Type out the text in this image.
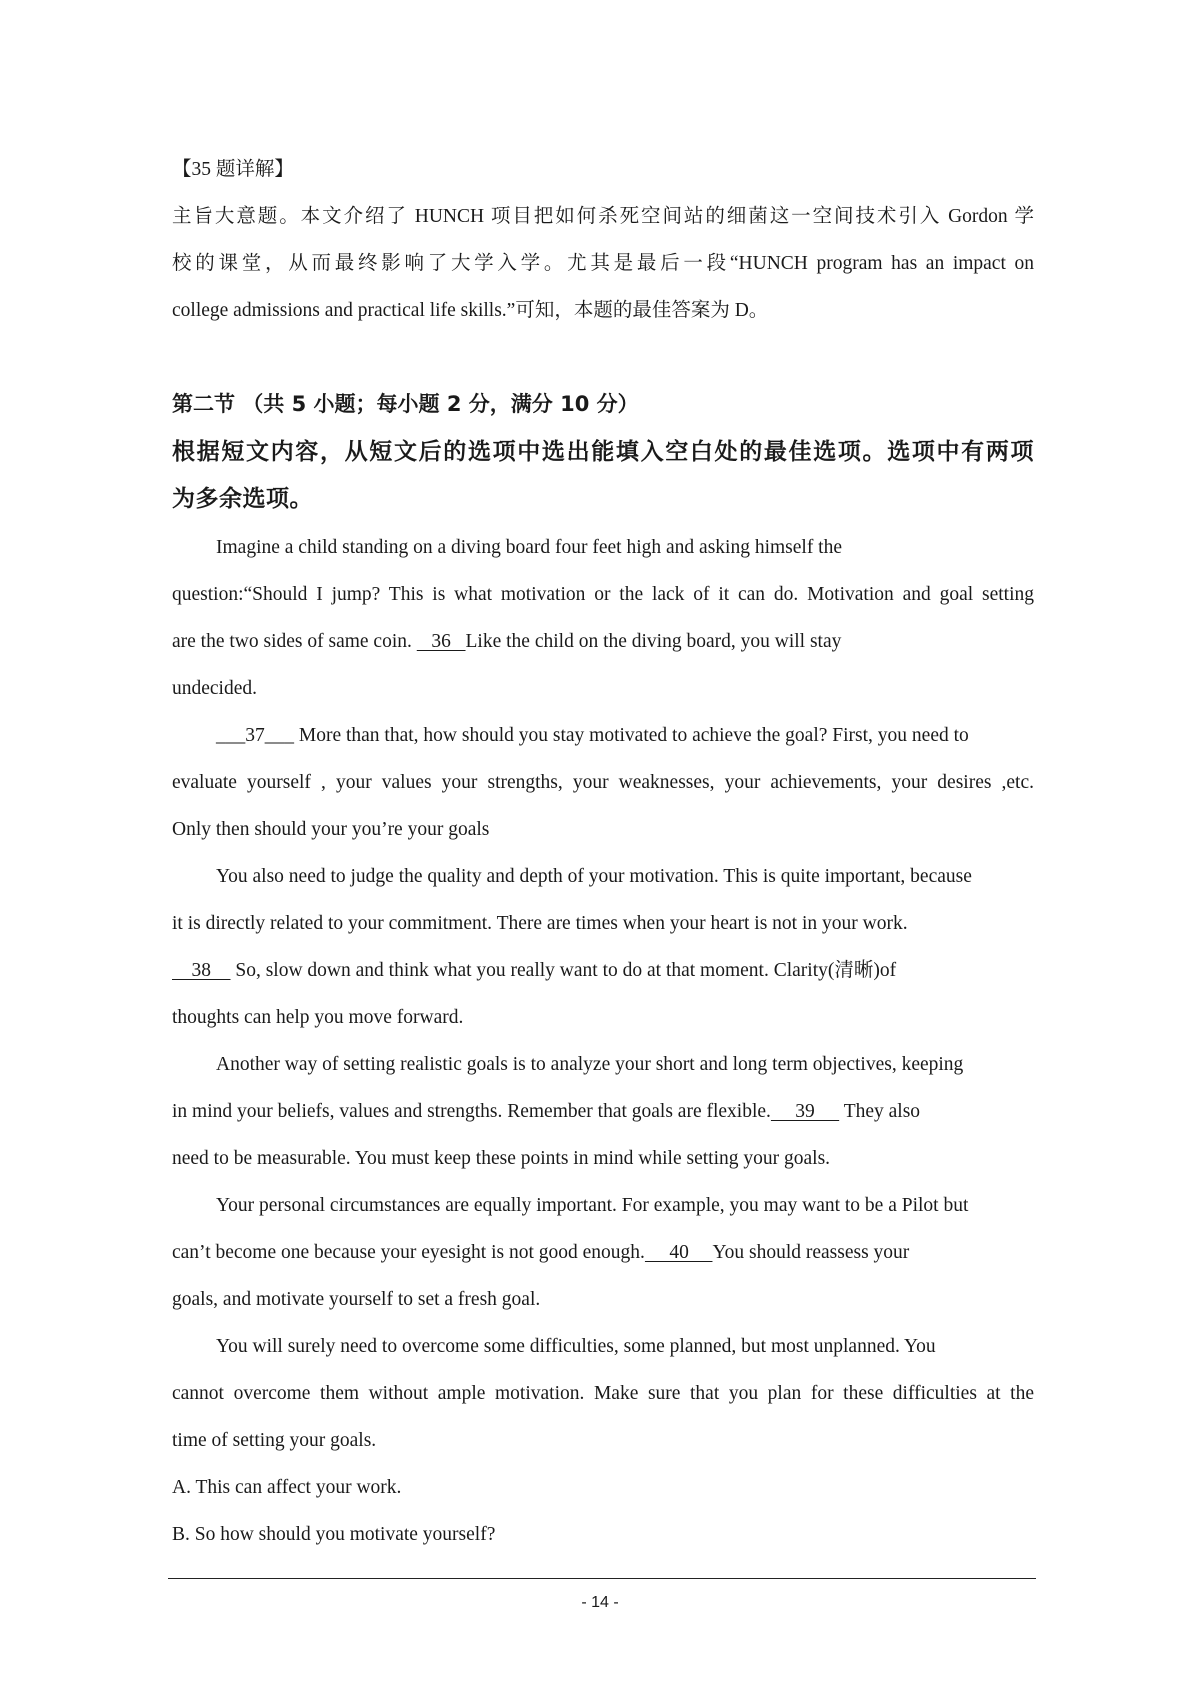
【35 题详解】
主旨大意题。本文介绍了 HUNCH 项目把如何杀死空间站的细菌这一空间技术引入 Gordon 学
校的课堂，从而最终影响了大学入学。尤其是最后一段“HUNCH program has an impact on
college admissions and practical life skills.”可知，本题的最佳答案为 D。
第二节 （共 5 小题；每小题 2 分，满分 10 分）
根据短文内容，从短文后的选项中选出能填入空白处的最佳选项。选项中有两项
为多余选项。
Imagine a child standing on a diving board four feet high and asking himself the
question:“Should I jump? This is what motivation or the lack of it can do. Motivation and goal setting
are the two sides of same coin.    36   Like the child on the diving board, you will stay
undecided.
___37___ More than that, how should you stay motivated to achieve the goal? First, you need to
evaluate yourself , your values your strengths, your weaknesses, your achievements, your desires ,etc.
Only then should your you’re your goals
You also need to judge the quality and depth of your motivation. This is quite important, because
it is directly related to your commitment. There are times when your heart is not in your work.
38     So, slow down and think what you really want to do at that moment. Clarity(清晰)of
thoughts can help you move forward.
Another way of setting realistic goals is to analyze your short and long term objectives, keeping
in mind your beliefs, values and strengths. Remember that goals are flexible.     39      They also
need to be measurable. You must keep these points in mind while setting your goals.
Your personal circumstances are equally important. For example, you may want to be a Pilot but
can’t become one because your eyesight is not good enough.     40     You should reassess your
goals, and motivate yourself to set a fresh goal.
You will surely need to overcome some difficulties, some planned, but most unplanned. You
cannot overcome them without ample motivation. Make sure that you plan for these difficulties at the
time of setting your goals.
A. This can affect your work.
B. So how should you motivate yourself?
- 14 -
